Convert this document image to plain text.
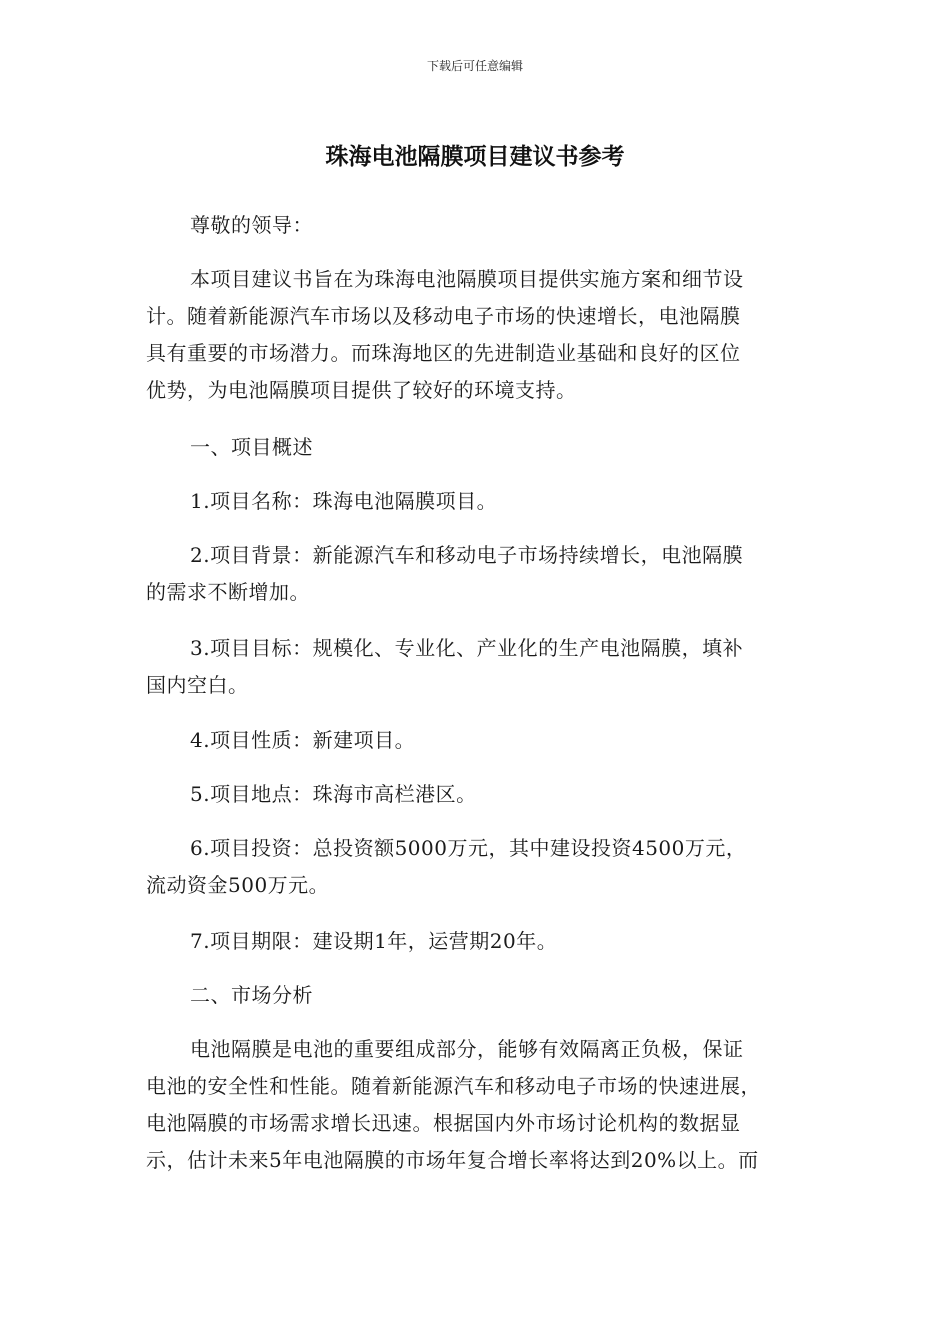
下载后可任意编辑
珠海电池隔膜项目建议书参考
尊敬的领导：
本项目建议书旨在为珠海电池隔膜项目提供实施方案和细节设
计。随着新能源汽车市场以及移动电子市场的快速增长，电池隔膜
具有重要的市场潜力。而珠海地区的先进制造业基础和良好的区位
优势，为电池隔膜项目提供了较好的环境支持。
一、项目概述
1.项目名称：珠海电池隔膜项目。
2.项目背景：新能源汽车和移动电子市场持续增长，电池隔膜
的需求不断增加。
3.项目目标：规模化、专业化、产业化的生产电池隔膜，填补
国内空白。
4.项目性质：新建项目。
5.项目地点：珠海市高栏港区。
6.项目投资：总投资额5000万元，其中建设投资4500万元，
流动资金500万元。
7.项目期限：建设期1年，运营期20年。
二、市场分析
电池隔膜是电池的重要组成部分，能够有效隔离正负极，保证
电池的安全性和性能。随着新能源汽车和移动电子市场的快速进展，
电池隔膜的市场需求增长迅速。根据国内外市场讨论机构的数据显
示，估计未来5年电池隔膜的市场年复合增长率将达到20%以上。而
